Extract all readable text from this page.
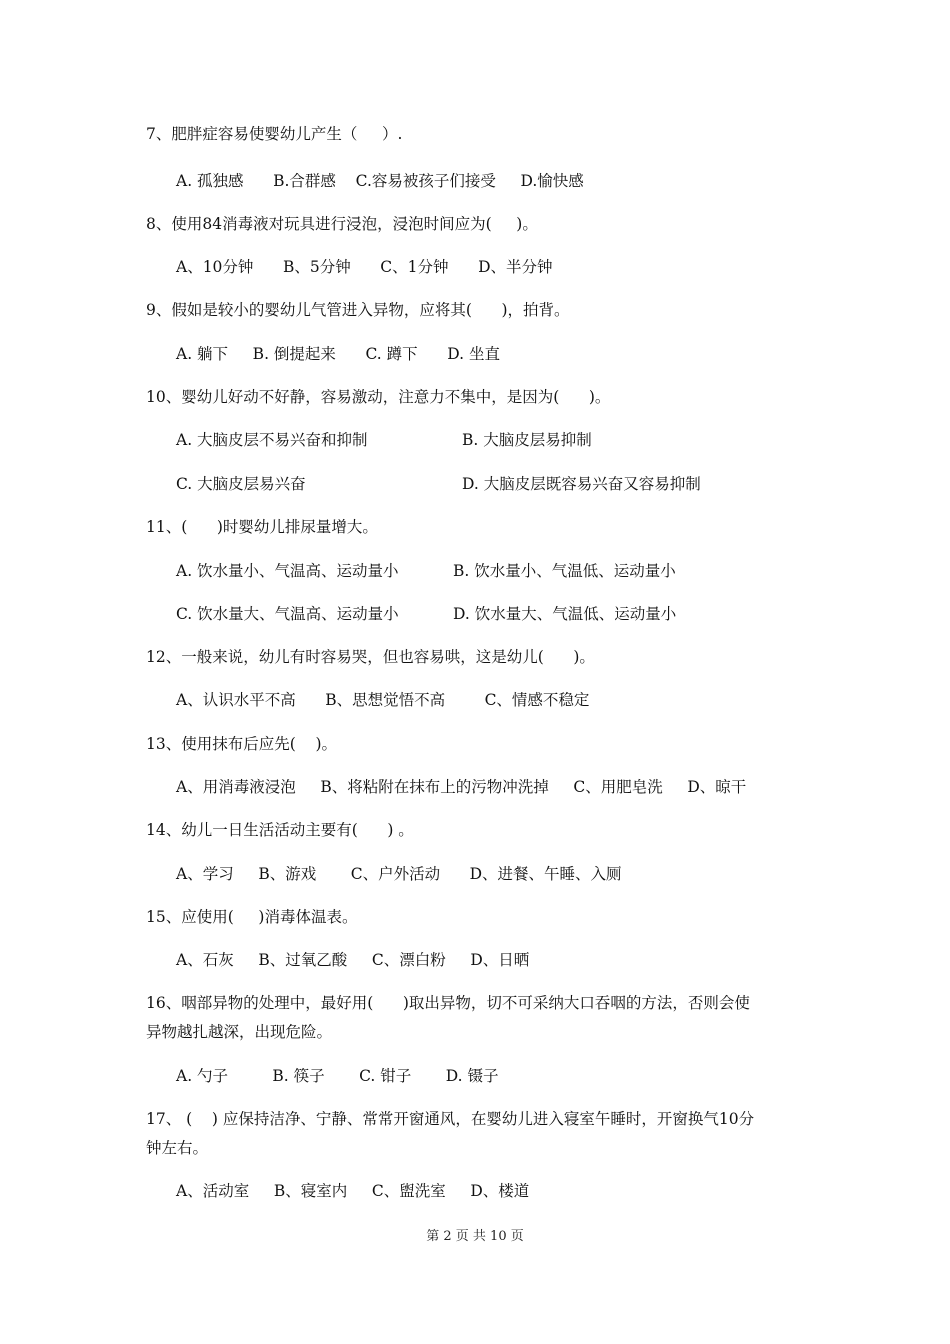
7、肥胖症容易使婴幼儿产生（     ）.
A. 孤独感      B.合群感    C.容易被孩子们接受     D.愉快感
8、使用84消毒液对玩具进行浸泡，浸泡时间应为(     )。
A、10分钟      B、5分钟      C、1分钟      D、半分钟
9、假如是较小的婴幼儿气管进入异物，应将其(      )，拍背。
A. 躺下     B. 倒提起来      C. 蹲下      D. 坐直
10、婴幼儿好动不好静，容易激动，注意力不集中，是因为(      )。
A. 大脑皮层不易兴奋和抑制	B. 大脑皮层易抑制
C. 大脑皮层易兴奋	D. 大脑皮层既容易兴奋又容易抑制
11、(      )时婴幼儿排尿量增大。
A. 饮水量小、气温高、运动量小	B. 饮水量小、气温低、运动量小
C. 饮水量大、气温高、运动量小	D. 饮水量大、气温低、运动量小
12、一般来说，幼儿有时容易哭，但也容易哄，这是幼儿(      )。
A、认识水平不高      B、思想觉悟不高        C、情感不稳定
13、使用抹布后应先(    )。
A、用消毒液浸泡     B、将粘附在抹布上的污物冲洗掉     C、用肥皂洗     D、晾干
14、幼儿一日生活活动主要有(      ) 。
A、学习     B、游戏       C、户外活动      D、进餐、午睡、入厕
15、应使用(     )消毒体温表。
A、石灰     B、过氧乙酸     C、漂白粉     D、日晒
16、咽部异物的处理中，最好用(      )取出异物，切不可采纳大口吞咽的方法，否则会使
异物越扎越深，出现危险。
A. 勺子         B. 筷子       C. 钳子       D. 镊子
17、 (    ) 应保持洁净、宁静、常常开窗通风，在婴幼儿进入寝室午睡时，开窗换气10分
钟左右。
A、活动室     B、寝室内     C、盥洗室     D、楼道
第 2 页 共 10 页
